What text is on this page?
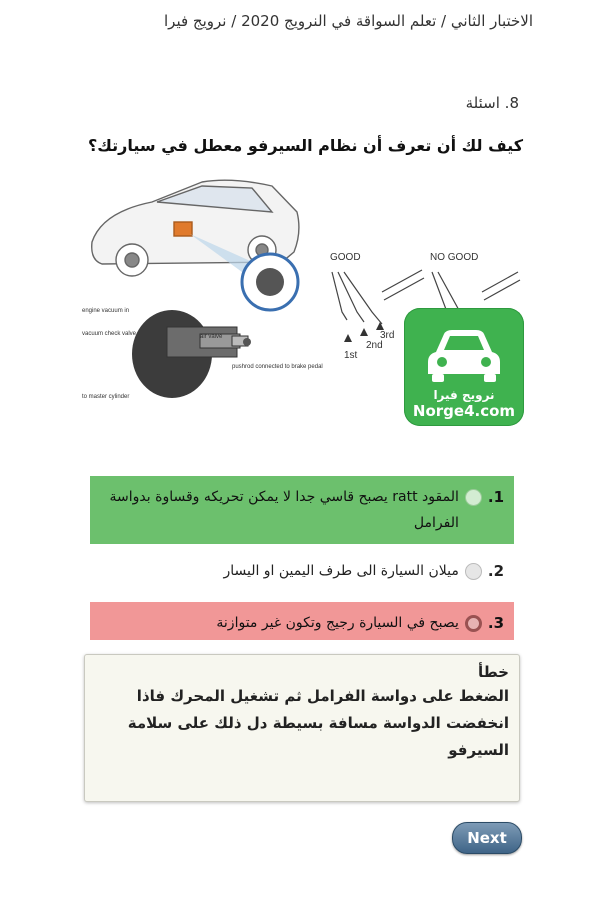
الاختبار الثاني / تعلم السواقة في النرويج 2020 / نرويج فيرا
8. اسئلة
كيف لك أن تعرف أن نظام السيرفو معطل في سيارتك؟
engine vacuum in
vacuum check valve	air valve
pushrod connected to brake pedal
to master cylinder
GOOD	NO GOOD
1st
2nd
3rd
نرويج فيرا
Norge4.com
1.
المقود ratt يصبح قاسي جدا لا يمكن تحريكه وقساوة بدواسة الفرامل
2.
ميلان السيارة الى طرف اليمين او اليسار
3.
يصبح في السيارة رجيج وتكون غير متوازنة
خطأ
الضغط على دواسة الفرامل ثم تشغيل المحرك فاذا انخفضت الدواسة مسافة بسيطة دل ذلك على سلامة السيرفو
Next
